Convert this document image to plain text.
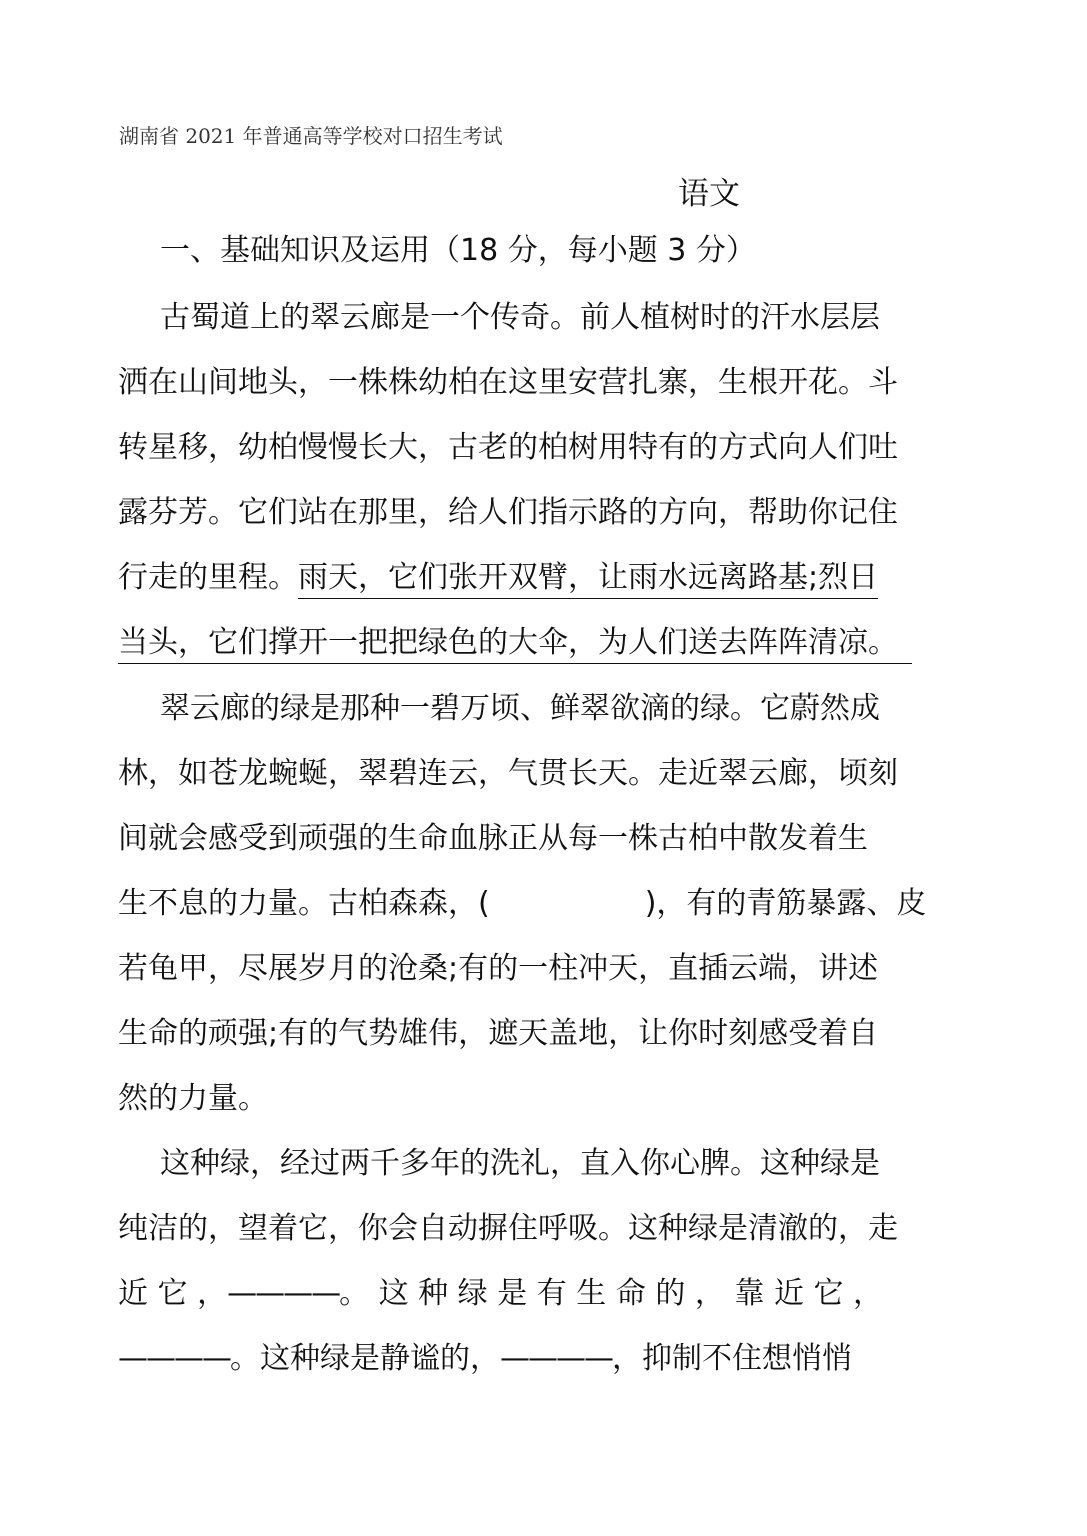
湖南省 2021 年普通高等学校对口招生考试
语文
一、基础知识及运用（18 分，每小题 3 分）
古蜀道上的翠云廊是一个传奇。前人植树时的汗水层层
洒在山间地头，一株株幼柏在这里安营扎寨，生根开花。斗
转星移，幼柏慢慢长大，古老的柏树用特有的方式向人们吐
露芬芳。它们站在那里，给人们指示路的方向，帮助你记住
行走的里程。雨天，它们张开双臂，让雨水远离路基;烈日
当头，它们撑开一把把绿色的大伞，为人们送去阵阵清凉。
翠云廊的绿是那种一碧万顷、鲜翠欲滴的绿。它蔚然成
林，如苍龙蜿蜒，翠碧连云，气贯长天。走近翠云廊，顷刻
间就会感受到顽强的生命血脉正从每一株古柏中散发着生
生不息的力量。古柏森森，(	)，有的青筋暴露、皮
若龟甲，尽展岁月的沧桑;有的一柱冲天，直插云端，讲述
生命的顽强;有的气势雄伟，遮天盖地，让你时刻感受着自
然的力量。
这种绿，经过两千多年的洗礼，直入你心脾。这种绿是
纯洁的，望着它，你会自动摒住呼吸。这种绿是清澈的，走
近 它 ，————。 这 种 绿 是 有 生 命 的 ， 靠 近 它 ，
————。这种绿是静谧的，————，抑制不住想悄悄
